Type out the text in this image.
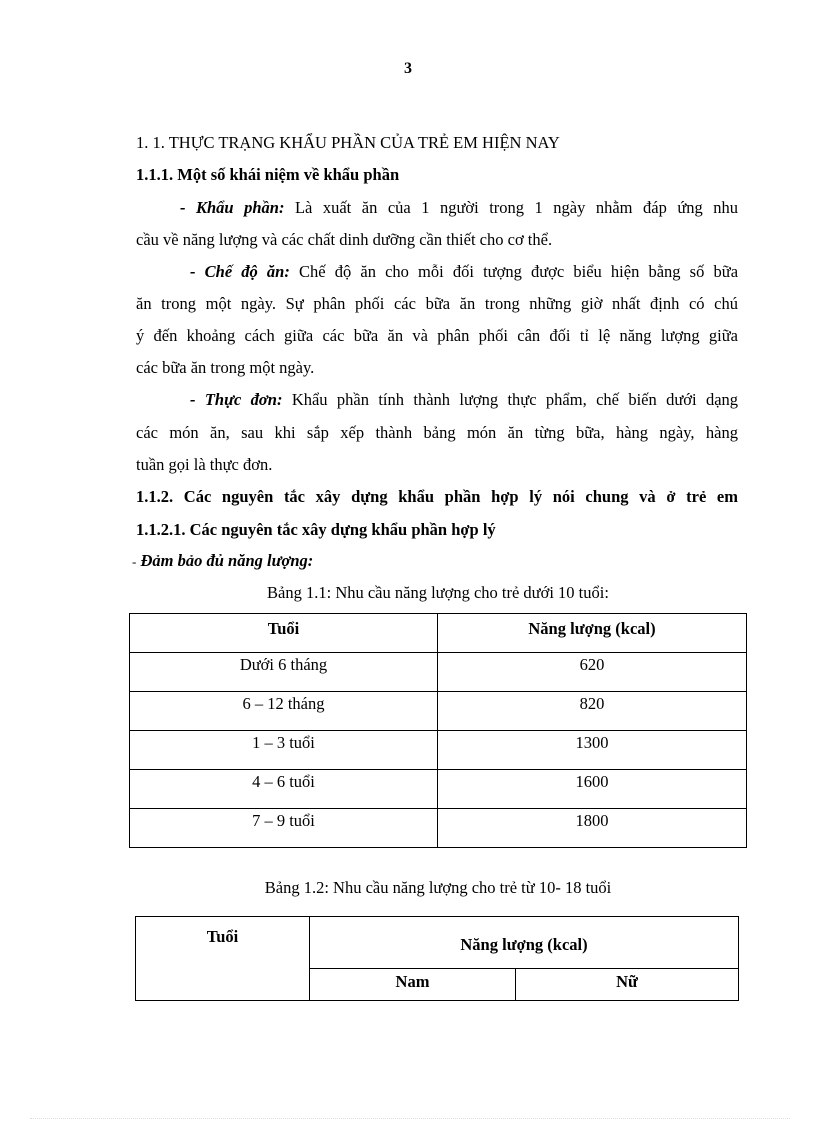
3
1. 1. THỰC TRẠNG KHẨU PHẦN CỦA TRẺ EM HIỆN NAY
1.1.1. Một số khái niệm về khẩu phần
- Khẩu phần: Là xuất ăn của 1 người trong 1 ngày nhằm đáp ứng nhu
cầu về năng lượng và các chất dinh dưỡng cần thiết cho cơ thể.
- Chế độ ăn: Chế độ ăn cho mỗi đối tượng được biểu hiện bằng số bữa
ăn trong một ngày. Sự phân phối các bữa ăn trong những giờ nhất định có chú
ý đến khoảng cách giữa các bữa ăn và phân phối cân đối tỉ lệ năng lượng giữa
các bữa ăn trong một ngày.
- Thực đơn: Khẩu phần tính thành lượng thực phẩm, chế biến dưới dạng
các món ăn, sau khi sắp xếp thành bảng món ăn từng bữa, hàng ngày, hàng
tuần gọi là thực đơn.
1.1.2. Các nguyên tắc xây dựng khẩu phần hợp lý nói chung và ở trẻ em
1.1.2.1. Các nguyên tắc xây dựng khẩu phần hợp lý
- Đảm bảo đủ năng lượng:
Bảng 1.1: Nhu cầu năng lượng cho trẻ dưới 10 tuổi:
Tuổi	Năng lượng (kcal)
Dưới 6 tháng	620
6 – 12 tháng	820
1 – 3 tuổi	1300
4 – 6 tuổi	1600
7 – 9 tuổi	1800
Bảng 1.2: Nhu cầu năng lượng cho trẻ từ 10- 18 tuổi
Tuổi	Năng lượng (kcal)	
	Nam	Nữ
